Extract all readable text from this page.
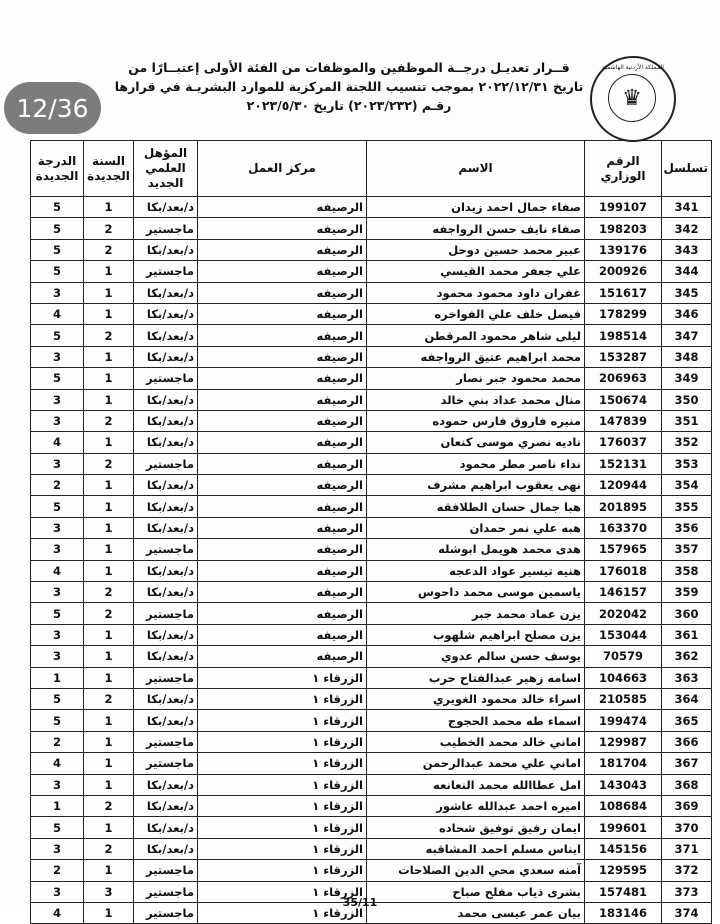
المملكة الأردنية الهاشمية
♛
قــرار تعديـل درجــة الموظفين والموظفات من الفئة الأولى إعتبــارًا من
تاريخ ٢٠٢٢/١٢/٣١ بموجب تنسيب اللجنة المركزية للموارد البشريـة في قرارها
رقـم (٢٠٢٣/٢٣٢) تاريخ ٢٠٢٣/٥/٣٠
تسلسل	الرقم الوزاري	الاسم	مركز العمل	المؤهل العلمي الجديد	السنة الجديدة	الدرجة الجديدة
341	199107	صفاء جمال احمد زيدان	الرصيفه	د/بعد/بكا	1	5
342	198203	صفاء نايف حسن الرواجفه	الرصيفه	ماجستير	2	5
343	139176	عبير محمد حسين دوحل	الرصيفه	د/بعد/بكا	2	5
344	200926	علي جعفر محمد القيسي	الرصيفه	ماجستير	1	5
345	151617	غفران داود محمود محمود	الرصيفه	د/بعد/بكا	1	3
346	178299	فيصل خلف علي الفواخره	الرصيفه	د/بعد/بكا	1	4
347	198514	ليلى شاهر محمود المرقطن	الرصيفه	د/بعد/بكا	2	5
348	153287	محمد ابراهيم عتيق الرواجفه	الرصيفه	د/بعد/بكا	1	3
349	206963	محمد محمود جبر نصار	الرصيفه	ماجستير	1	5
350	150674	منال محمد عداد بني خالد	الرصيفه	د/بعد/بكا	1	3
351	147839	منيره فاروق فارس حموده	الرصيفه	د/بعد/بكا	2	3
352	176037	ناديه نصري موسى كنعان	الرصيفه	د/بعد/بكا	1	4
353	152131	نداء ناصر مطر محمود	الرصيفه	ماجستير	2	3
354	120944	نهى يعقوب ابراهيم مشرف	الرصيفه	د/بعد/بكا	1	2
355	201895	هبا جمال حسان الطلافقه	الرصيفه	د/بعد/بكا	1	5
356	163370	هبه علي نمر حمدان	الرصيفه	د/بعد/بكا	1	3
357	157965	هدى محمد هويمل ابوشله	الرصيفه	ماجستير	1	3
358	176018	هنيه تيسير عواد الدعجه	الرصيفه	د/بعد/بكا	1	4
359	146157	ياسمين موسى محمد داحوس	الرصيفه	د/بعد/بكا	2	3
360	202042	يزن عماد محمد جبر	الرصيفه	ماجستير	2	5
361	153044	يزن مصلح ابراهيم شلهوب	الرصيفه	د/بعد/بكا	1	3
362	70579	يوسف حسن سالم عدوي	الرصيفه	د/بعد/بكا	1	3
363	104663	اسامه زهير عبدالفتاح حرب	الزرقاء ١	ماجستير	1	1
364	210585	اسراء خالد محمود الغويري	الزرقاء ١	د/بعد/بكا	2	5
365	199474	اسماء طه محمد الحجوج	الزرقاء ١	د/بعد/بكا	1	5
366	129987	اماني خالد محمد الخطيب	الزرقاء ١	ماجستير	1	2
367	181704	اماني علي محمد عبدالرحمن	الزرقاء ١	ماجستير	1	4
368	143043	امل عطاالله محمد النعانعه	الزرقاء ١	د/بعد/بكا	1	3
369	108684	اميره احمد عبدالله عاشور	الزرقاء ١	د/بعد/بكا	2	1
370	199601	ايمان رفيق توفيق شحاده	الزرقاء ١	د/بعد/بكا	1	5
371	145156	ايناس مسلم احمد المشاقبه	الزرقاء ١	د/بعد/بكا	2	3
372	129595	آمنه سعدي محي الدين الصلاحات	الزرقاء ١	ماجستير	1	2
373	157481	بشرى ذياب مفلح صباح	الزرقاء ١	ماجستير	3	3
374	183146	بيان عمر عيسى محمد	الزرقاء ١	ماجستير	1	4
35/11
12/36
